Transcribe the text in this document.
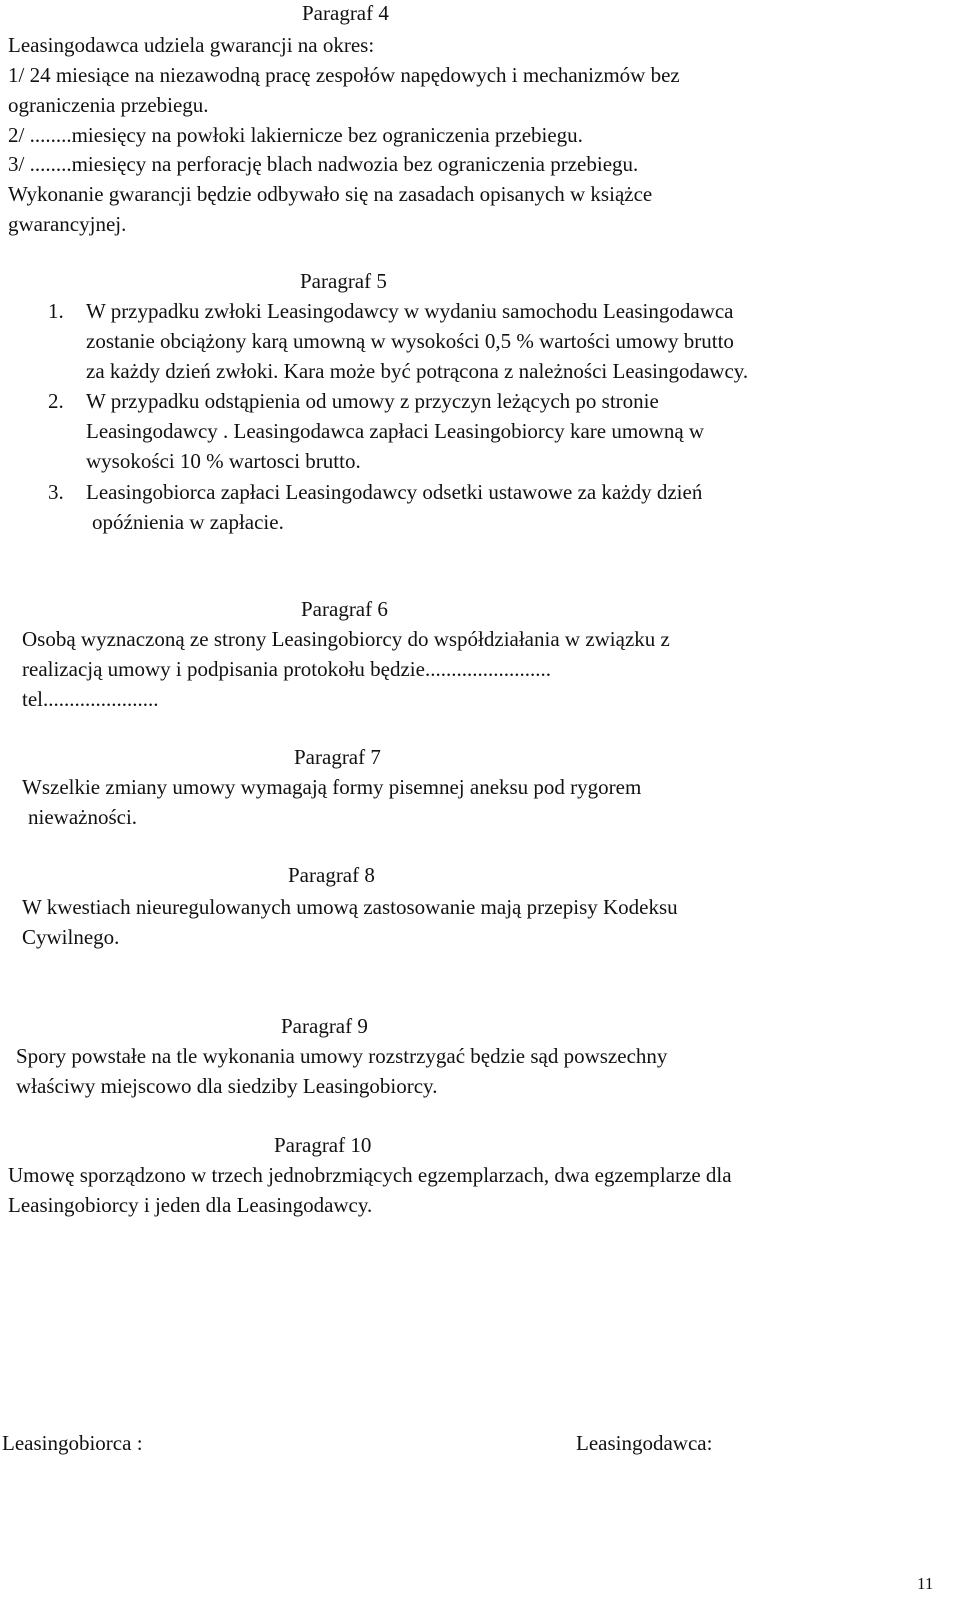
Paragraf 4
Leasingodawca udziela gwarancji na okres:
1/ 24 miesiące na niezawodną pracę zespołów napędowych i mechanizmów bez
ograniczenia przebiegu.
2/ ........miesięcy na powłoki lakiernicze bez ograniczenia przebiegu.
3/ ........miesięcy na perforację blach nadwozia bez ograniczenia przebiegu.
Wykonanie gwarancji będzie odbywało się na zasadach opisanych w książce
gwarancyjnej.
Paragraf 5
1. W przypadku zwłoki Leasingodawcy w wydaniu samochodu Leasingodawca
zostanie obciążony karą umowną w wysokości 0,5 % wartości umowy brutto
za każdy dzień zwłoki. Kara może być potrącona z należności Leasingodawcy.
2. W przypadku odstąpienia od umowy z przyczyn leżących po stronie
Leasingodawcy . Leasingodawca zapłaci Leasingobiorcy kare umowną w
wysokości 10 % wartosci brutto.
3. Leasingobiorca zapłaci Leasingodawcy odsetki ustawowe za każdy dzień
opóźnienia w zapłacie.
Paragraf 6
Osobą wyznaczoną ze strony Leasingobiorcy do współdziałania w związku z
realizacją umowy i podpisania protokołu będzie........................
tel......................
Paragraf 7
Wszelkie zmiany umowy wymagają formy pisemnej aneksu pod rygorem
nieważności.
Paragraf 8
W kwestiach nieuregulowanych umową zastosowanie mają przepisy Kodeksu
Cywilnego.
Paragraf 9
Spory powstałe na tle wykonania umowy rozstrzygać będzie sąd powszechny
właściwy miejscowo dla siedziby Leasingobiorcy.
Paragraf 10
Umowę sporządzono w trzech jednobrzmiących egzemplarzach, dwa egzemplarze dla
Leasingobiorcy i jeden dla Leasingodawcy.
Leasingobiorca :	Leasingodawca:
11
